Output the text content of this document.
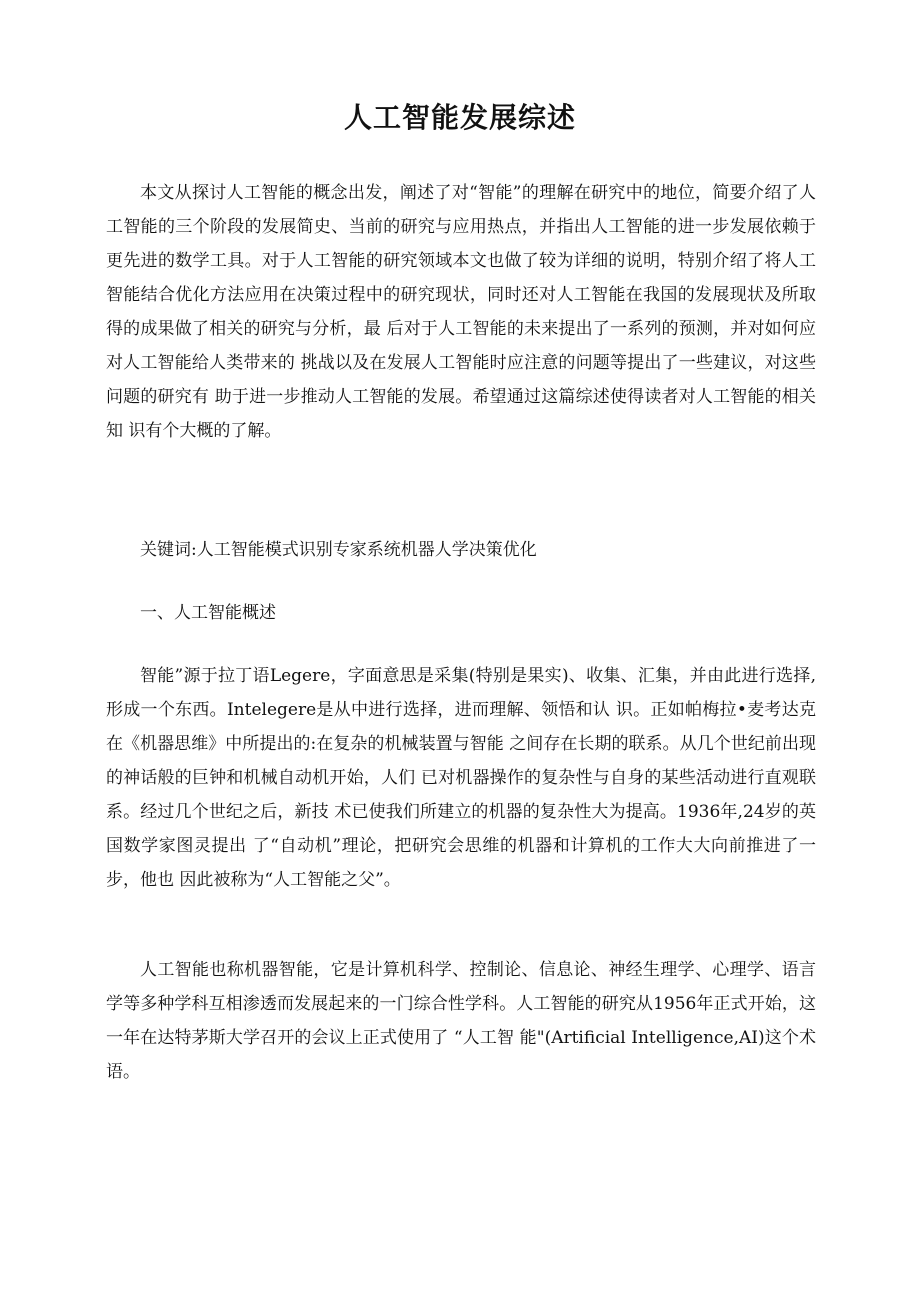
人工智能发展综述

本文从探讨人工智能的概念出发，阐述了对“智能”的理解在研究中的地位，简要介绍了人工智能的三个阶段的发展简史、当前的研究与应用热点，并指出人工智能的进一步发展依赖于更先进的数学工具。对于人工智能的研究领域本文也做了较为详细的说明，特别介绍了将人工智能结合优化方法应用在决策过程中的研究现状，同时还对人工智能在我国的发展现状及所取得的成果做了相关的研究与分析，最 后对于人工智能的未来提出了一系列的预测，并对如何应对人工智能给人类带来的 挑战以及在发展人工智能时应注意的问题等提出了一些建议，对这些问题的研究有 助于进一步推动人工智能的发展。希望通过这篇综述使得读者对人工智能的相关知 识有个大概的了解。

关键词:人工智能模式识别专家系统机器人学决策优化

一、人工智能概述

智能”源于拉丁语Legere，字面意思是采集(特别是果实)、收集、汇集，并由此进行选择,形成一个东西。Intelegere是从中进行选择，进而理解、领悟和认 识。正如帕梅拉•麦考达克在《机器思维》中所提出的:在复杂的机械装置与智能 之间存在长期的联系。从几个世纪前出现的神话般的巨钟和机械自动机开始，人们 已对机器操作的复杂性与自身的某些活动进行直观联系。经过几个世纪之后，新技 术已使我们所建立的机器的复杂性大为提高。1936年,24岁的英国数学家图灵提出 了“自动机”理论，把研究会思维的机器和计算机的工作大大向前推进了一步，他也 因此被称为“人工智能之父”。

人工智能也称机器智能，它是计算机科学、控制论、信息论、神经生理学、心理学、语言学等多种学科互相渗透而发展起来的一门综合性学科。人工智能的研究从1956年正式开始，这一年在达特茅斯大学召开的会议上正式使用了 “人工智 能"(Artificial Intelligence,AI)这个术语。
